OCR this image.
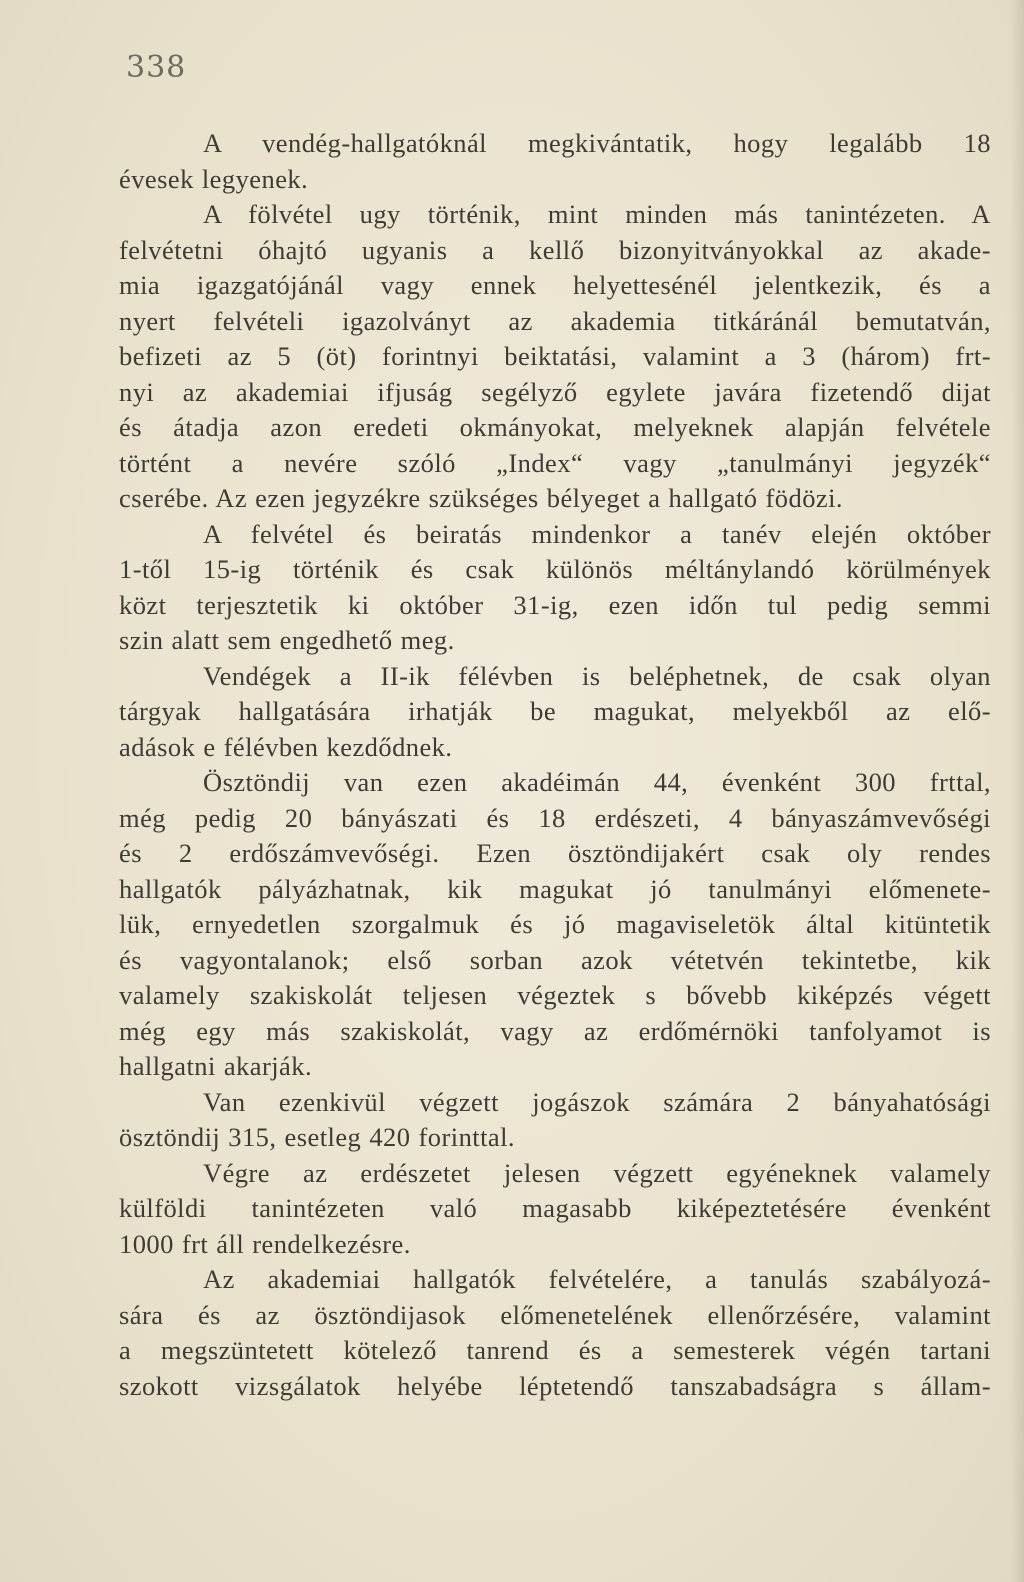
338

A vendég-hallgatóknál megkivántatik, hogy legalább 18
évesek legyenek.
A fölvétel ugy történik, mint minden más tanintézeten. A
felvétetni óhajtó ugyanis a kellő bizonyitványokkal az akade-
mia igazgatójánál vagy ennek helyettesénél jelentkezik, és a
nyert felvételi igazolványt az akademia titkáránál bemutatván,
befizeti az 5 (öt) forintnyi beiktatási, valamint a 3 (három) frt-
nyi az akademiai ifjuság segélyző egylete javára fizetendő dijat
és átadja azon eredeti okmányokat, melyeknek alapján felvétele
történt a nevére szóló „Index“ vagy „tanulmányi jegyzék“
cserébe. Az ezen jegyzékre szükséges bélyeget a hallgató födözi.
A felvétel és beiratás mindenkor a tanév elején október
1-től 15-ig történik és csak különös méltánylandó körülmények
közt terjesztetik ki október 31-ig, ezen időn tul pedig semmi
szin alatt sem engedhető meg.
Vendégek a II-ik félévben is beléphetnek, de csak olyan
tárgyak hallgatására irhatják be magukat, melyekből az elő-
adások e félévben kezdődnek.
Ösztöndij van ezen akadéimán 44, évenként 300 frttal,
még pedig 20 bányászati és 18 erdészeti, 4 bányaszámvevőségi
és 2 erdőszámvevőségi. Ezen ösztöndijakért csak oly rendes
hallgatók pályázhatnak, kik magukat jó tanulmányi előmenete-
lük, ernyedetlen szorgalmuk és jó magaviseletök által kitüntetik
és vagyontalanok; első sorban azok vétetvén tekintetbe, kik
valamely szakiskolát teljesen végeztek s bővebb kiképzés végett
még egy más szakiskolát, vagy az erdőmérnöki tanfolyamot is
hallgatni akarják.
Van ezenkivül végzett jogászok számára 2 bányahatósági
ösztöndij 315, esetleg 420 forinttal.
Végre az erdészetet jelesen végzett egyéneknek valamely
külföldi tanintézeten való magasabb kiképeztetésére évenként
1000 frt áll rendelkezésre.
Az akademiai hallgatók felvételére, a tanulás szabályozá-
sára és az ösztöndijasok előmenetelének ellenőrzésére, valamint
a megszüntetett kötelező tanrend és a semesterek végén tartani
szokott vizsgálatok helyébe léptetendő tanszabadságra s állam-
